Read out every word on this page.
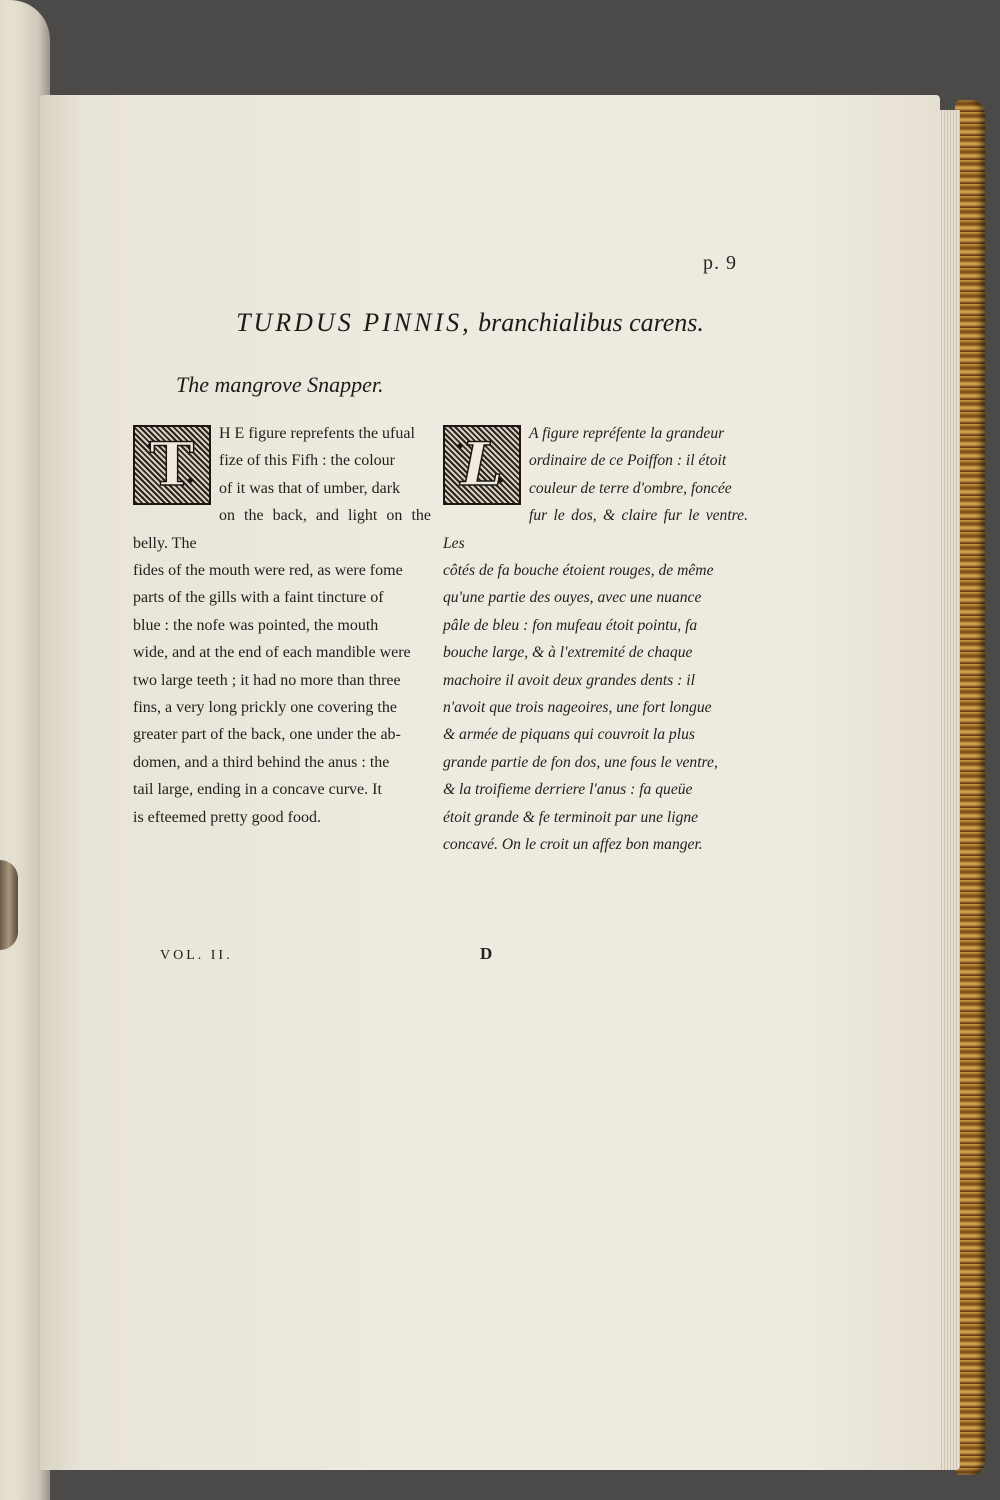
p. 9
TURDUS PINNIS, branchialibus carens.
The mangrove Snapper.
T	H E figure reprefents the ufual
fize of this Fifh : the colour
of it was that of umber, dark
on the back, and light on the belly. The
fides of the mouth were red, as were fome
parts of the gills with a faint tincture of
blue : the nofe was pointed, the mouth
wide, and at the end of each mandible were
two large teeth ; it had no more than three
fins, a very long prickly one covering the
greater part of the back, one under the ab-
domen, and a third behind the anus : the
tail large, ending in a concave curve. It
is efteemed pretty good food.
L	A figure repréfente la grandeur
ordinaire de ce Poiffon : il étoit
couleur de terre d'ombre, foncée
fur le dos, & claire fur le ventre. Les
côtés de fa bouche étoient rouges, de même
qu'une partie des ouyes, avec une nuance
pâle de bleu : fon mufeau étoit pointu, fa
bouche large, & à l'extremité de chaque
machoire il avoit deux grandes dents : il
n'avoit que trois nageoires, une fort longue
& armée de piquans qui couvroit la plus
grande partie de fon dos, une fous le ventre,
& la troifieme derriere l'anus : fa queüe
étoit grande & fe terminoit par une ligne
concavé. On le croit un affez bon manger.
VOL. II.	D
